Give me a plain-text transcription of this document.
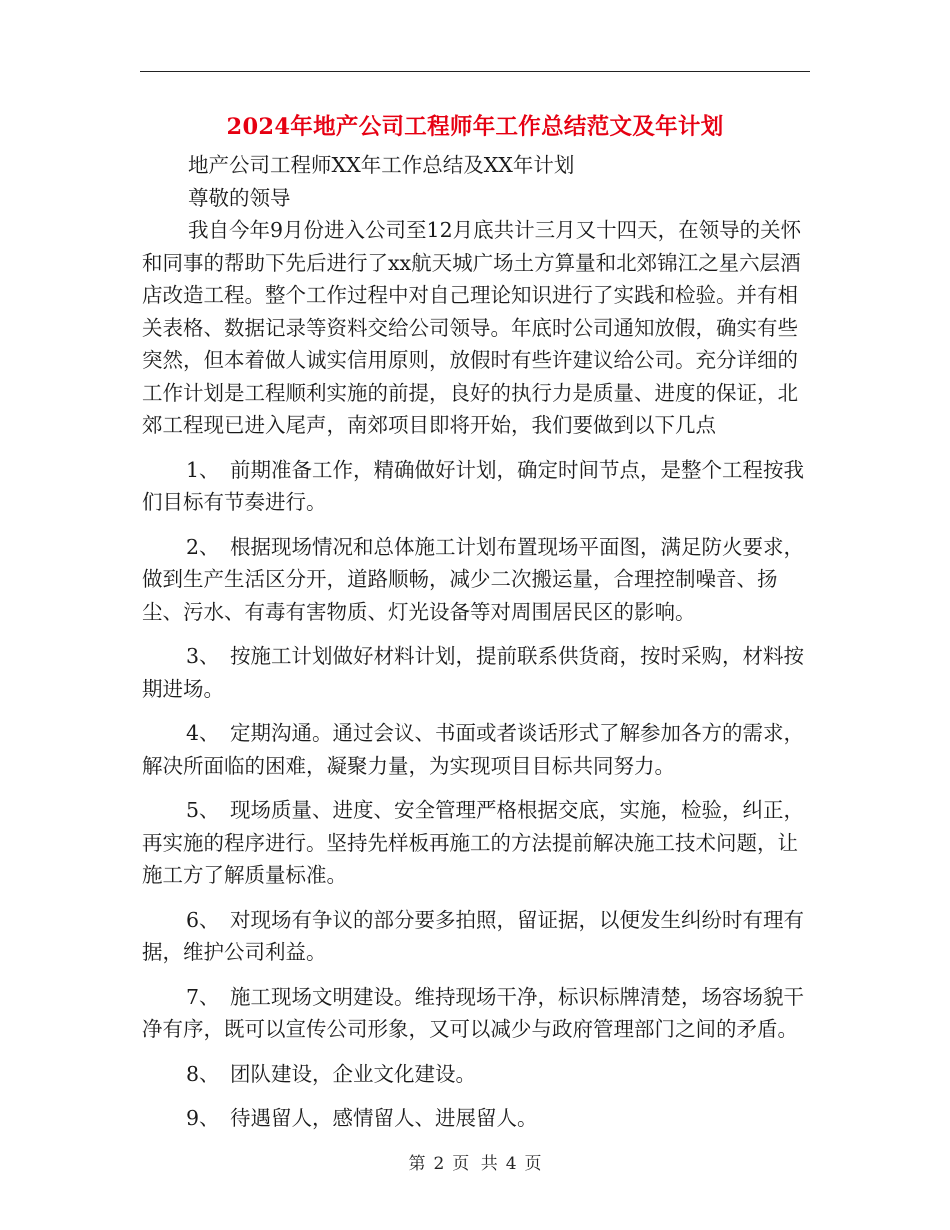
2024年地产公司工程师年工作总结范文及年计划

地产公司工程师XX年工作总结及XX年计划

尊敬的领导

我自今年9月份进入公司至12月底共计三月又十四天，在领导的关怀和同事的帮助下先后进行了xx航天城广场土方算量和北郊锦江之星六层酒店改造工程。整个工作过程中对自己理论知识进行了实践和检验。并有相关表格、数据记录等资料交给公司领导。年底时公司通知放假，确实有些突然，但本着做人诚实信用原则，放假时有些许建议给公司。充分详细的工作计划是工程顺利实施的前提，良好的执行力是质量、进度的保证，北郊工程现已进入尾声，南郊项目即将开始，我们要做到以下几点

1、 前期准备工作，精确做好计划，确定时间节点，是整个工程按我们目标有节奏进行。

2、 根据现场情况和总体施工计划布置现场平面图，满足防火要求，做到生产生活区分开，道路顺畅，减少二次搬运量，合理控制噪音、扬尘、污水、有毒有害物质、灯光设备等对周围居民区的影响。

3、 按施工计划做好材料计划，提前联系供货商，按时采购，材料按期进场。

4、 定期沟通。通过会议、书面或者谈话形式了解参加各方的需求，解决所面临的困难，凝聚力量，为实现项目目标共同努力。

5、 现场质量、进度、安全管理严格根据交底，实施，检验，纠正，再实施的程序进行。坚持先样板再施工的方法提前解决施工技术问题，让施工方了解质量标准。

6、 对现场有争议的部分要多拍照，留证据，以便发生纠纷时有理有据，维护公司利益。

7、 施工现场文明建设。维持现场干净，标识标牌清楚，场容场貌干净有序，既可以宣传公司形象，又可以减少与政府管理部门之间的矛盾。

8、 团队建设，企业文化建设。

9、 待遇留人，感情留人、进展留人。

第 2 页 共 4 页
